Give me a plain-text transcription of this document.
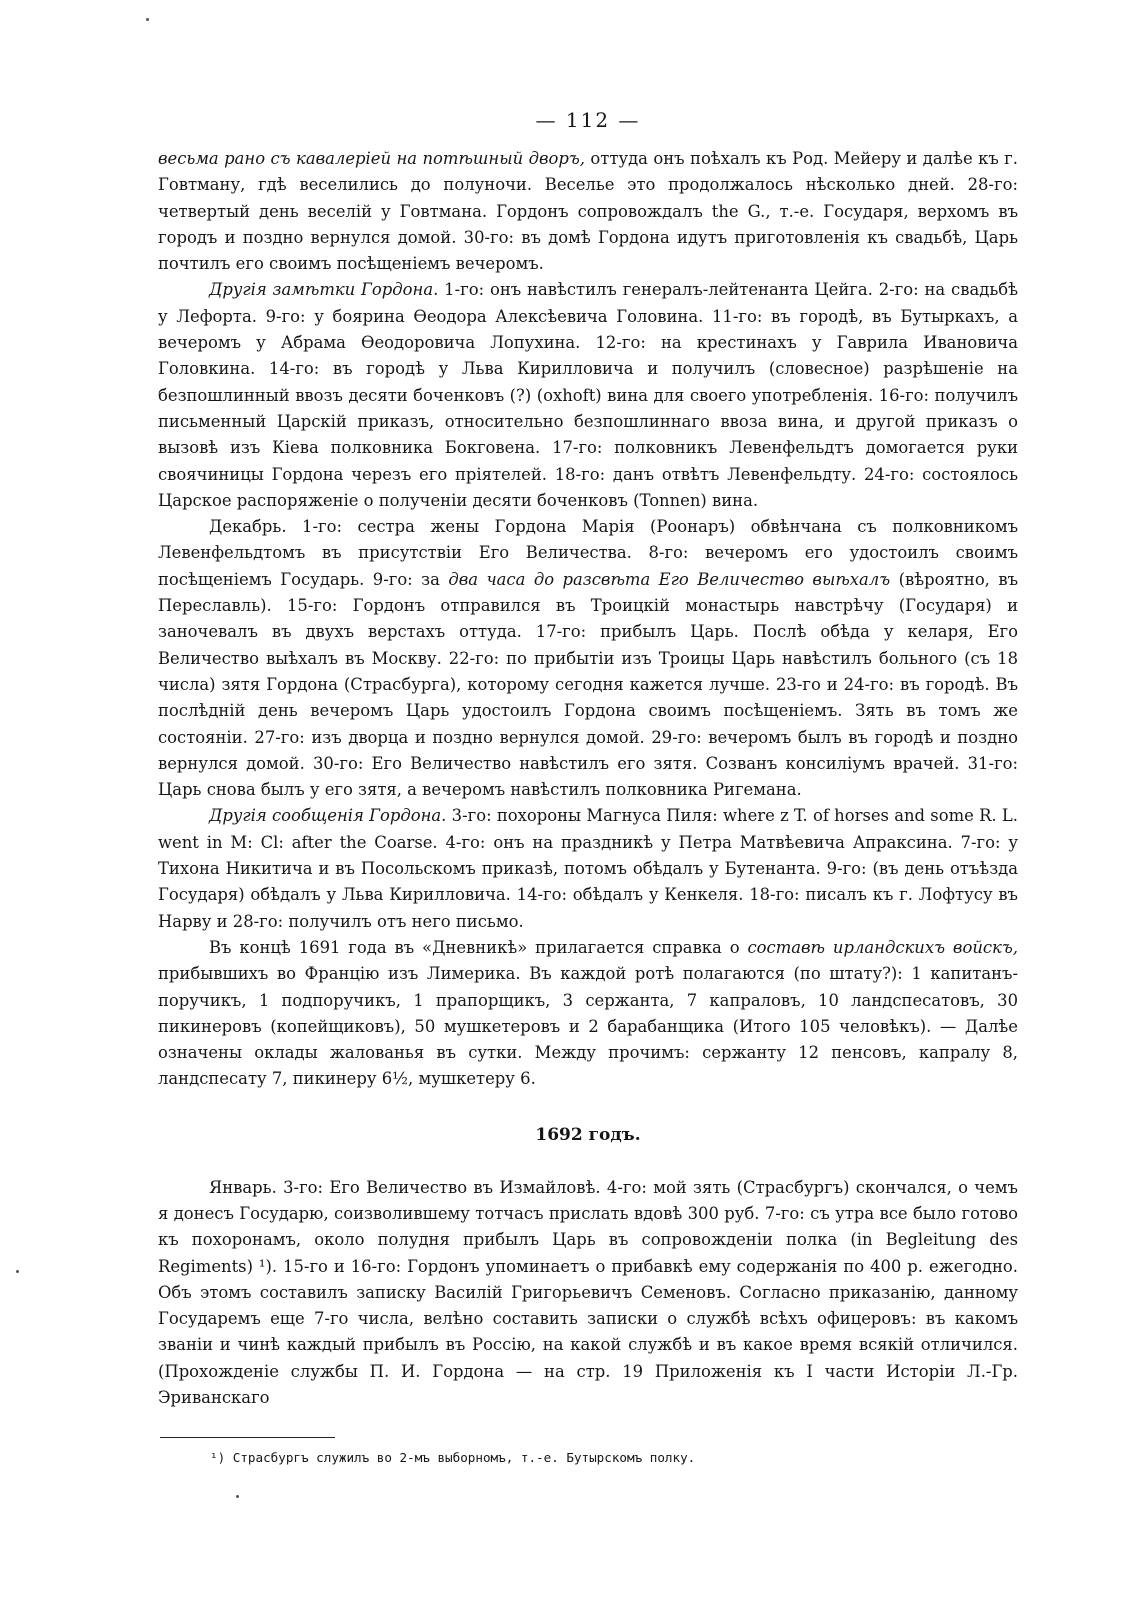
— 112 —

весьма рано съ кавалеріей на потѣшный дворъ, оттуда онъ поѣхалъ къ Род. Мейеру и далѣе къ г. Говтману, гдѣ веселились до полуночи. Веселье это продолжалось нѣсколько дней. 28-го: четвертый день веселій у Говтмана. Гордонъ сопровождалъ the G., т.-е. Государя, верхомъ въ городъ и поздно вернулся домой. 30-го: въ домѣ Гордона идутъ приготовленія къ свадьбѣ, Царь почтилъ его своимъ посѣщеніемъ вечеромъ.

Другія замѣтки Гордона. 1-го: онъ навѣстилъ генералъ-лейтенанта Цейга. 2-го: на свадьбѣ у Лефорта. 9-го: у боярина Ѳеодора Алексѣевича Головина. 11-го: въ городѣ, въ Бутыркахъ, а вечеромъ у Абрама Ѳеодоровича Лопухина. 12-го: на крестинахъ у Гаврила Ивановича Головкина. 14-го: въ городѣ у Льва Кирилловича и получилъ (словесное) разрѣшеніе на безпошлинный ввозъ десяти боченковъ (?) (oxhoft) вина для своего употребленія. 16-го: получилъ письменный Царскій приказъ, относительно безпошлиннаго ввоза вина, и другой приказъ о вызовѣ изъ Кіева полковника Бокговена. 17-го: полковникъ Левенфельдтъ домогается руки своячиницы Гордона черезъ его пріятелей. 18-го: данъ отвѣтъ Левенфельдту. 24-го: состоялось Царское распоряженіе о полученіи десяти боченковъ (Tonnen) вина.

Декабрь. 1-го: сестра жены Гордона Марія (Роонаръ) обвѣнчана съ полковникомъ Левенфельдтомъ въ присутствіи Его Величества. 8-го: вечеромъ его удостоилъ своимъ посѣщеніемъ Государь. 9-го: за два часа до разсвѣта Его Величество выѣхалъ (вѣроятно, въ Переславль). 15-го: Гордонъ отправился въ Троицкій монастырь навстрѣчу (Государя) и заночевалъ въ двухъ верстахъ оттуда. 17-го: прибылъ Царь. Послѣ обѣда у келаря, Его Величество выѣхалъ въ Москву. 22-го: по прибытіи изъ Троицы Царь навѣстилъ больного (съ 18 числа) зятя Гордона (Страсбурга), которому сегодня кажется лучше. 23-го и 24-го: въ городѣ. Въ послѣдній день вечеромъ Царь удостоилъ Гордона своимъ посѣщеніемъ. Зять въ томъ же состояніи. 27-го: изъ дворца и поздно вернулся домой. 29-го: вечеромъ былъ въ городѣ и поздно вернулся домой. 30-го: Его Величество навѣстилъ его зятя. Созванъ консиліумъ врачей. 31-го: Царь снова былъ у его зятя, а вечеромъ навѣстилъ полковника Ригемана.

Другія сообщенія Гордона. 3-го: похороны Магнуса Пиля: where z T. of horses and some R. L. went in M: Cl: after the Coarse. 4-го: онъ на праздникѣ у Петра Матвѣевича Апраксина. 7-го: у Тихона Никитича и въ Посольскомъ приказѣ, потомъ обѣдалъ у Бутенанта. 9-го: (въ день отъѣзда Государя) обѣдалъ у Льва Кирилловича. 14-го: обѣдалъ у Кенкеля. 18-го: писалъ къ г. Лофтусу въ Нарву и 28-го: получилъ отъ него письмо.

Въ концѣ 1691 года въ «Дневникѣ» прилагается справка о составѣ ирландскихъ войскъ, прибывшихъ во Францію изъ Лимерика. Въ каждой ротѣ полагаются (по штату?): 1 капитанъ-поручикъ, 1 подпоручикъ, 1 прапорщикъ, 3 сержанта, 7 капраловъ, 10 ландспесатовъ, 30 пикинеровъ (копейщиковъ), 50 мушкетеровъ и 2 барабанщика (Итого 105 человѣкъ). — Далѣе означены оклады жалованья въ сутки. Между прочимъ: сержанту 12 пенсовъ, капралу 8, ландспесату 7, пикинеру 6½, мушкетеру 6.

1692 годъ.

Январь. 3-го: Его Величество въ Измайловѣ. 4-го: мой зять (Страсбургъ) скончался, о чемъ я донесъ Государю, соизволившему тотчасъ прислать вдовѣ 300 руб. 7-го: съ утра все было готово къ похоронамъ, около полудня прибылъ Царь въ сопровожденіи полка (in Begleitung des Regiments) ¹). 15-го и 16-го: Гордонъ упоминаетъ о прибавкѣ ему содержанія по 400 р. ежегодно. Объ этомъ составилъ записку Василій Григорьевичъ Семеновъ. Согласно приказанію, данному Государемъ еще 7-го числа, велѣно составить записки о службѣ всѣхъ офицеровъ: въ какомъ званіи и чинѣ каждый прибылъ въ Россію, на какой службѣ и въ какое время всякій отличился. (Прохожденіе службы П. И. Гордона — на стр. 19 Приложенія къ I части Исторіи Л.-Гр. Эриванскаго

¹) Страсбургъ служилъ во 2-мъ выборномъ, т.-е. Бутырскомъ полку.
